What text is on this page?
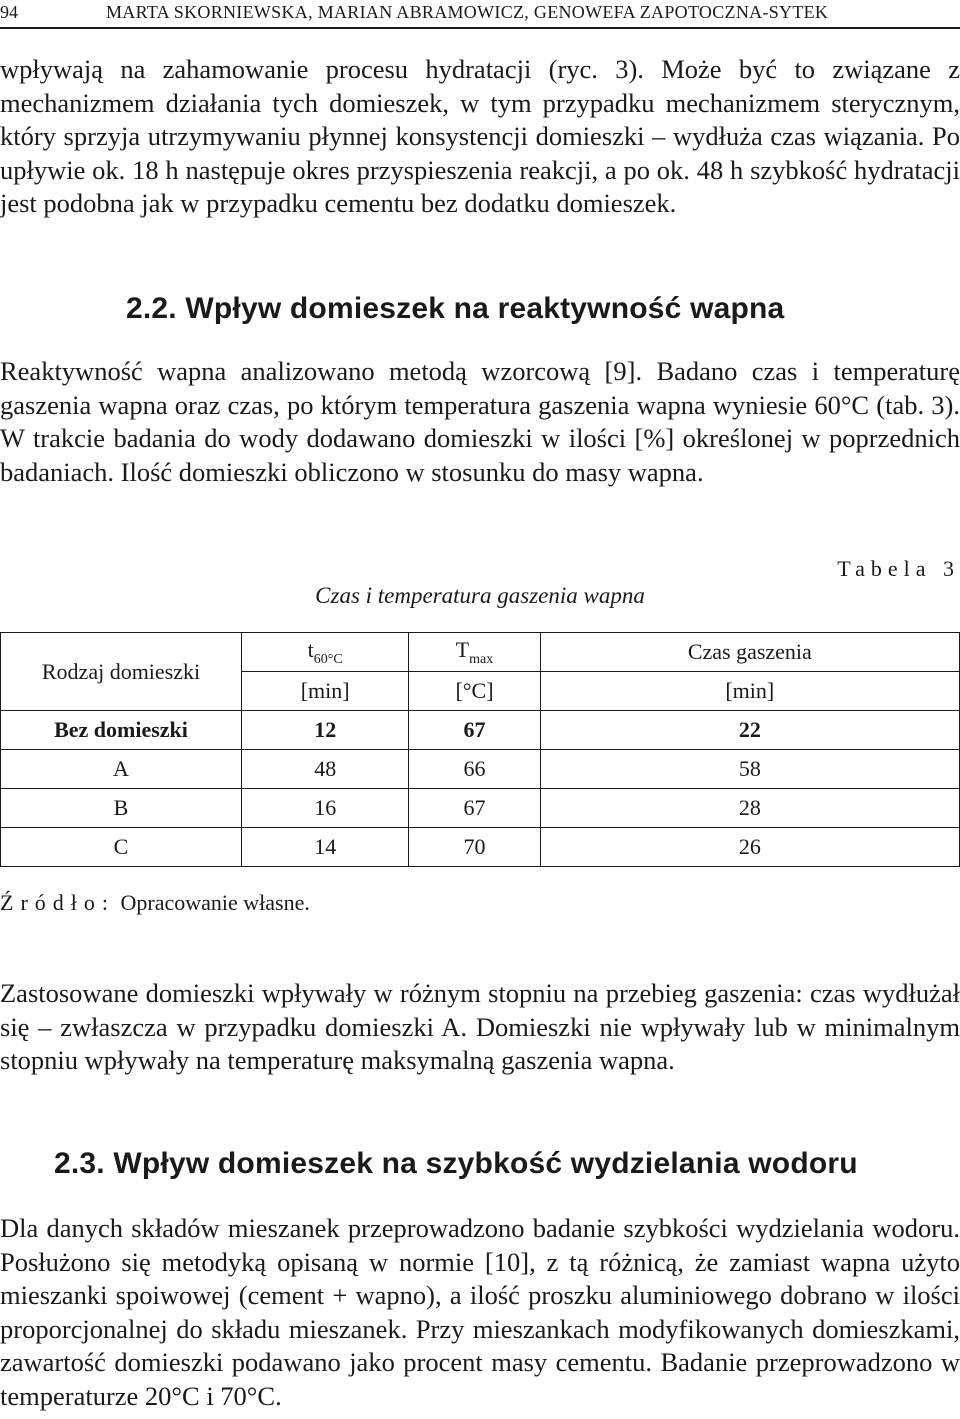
94	MARTA SKORNIEWSKA, MARIAN ABRAMOWICZ, GENOWEFA ZAPOTOCZNA-SYTEK

wpływają na zahamowanie procesu hydratacji (ryc. 3). Może być to związane z mechanizmem działania tych domieszek, w tym przypadku mechanizmem sterycznym, który sprzyja utrzymywaniu płynnej konsystencji domieszki – wydłuża czas wiązania. Po upływie ok. 18 h następuje okres przyspieszenia reakcji, a po ok. 48 h szybkość hydratacji jest podobna jak w przypadku cementu bez dodatku domieszek.

2.2. Wpływ domieszek na reaktywność wapna

Reaktywność wapna analizowano metodą wzorcową [9]. Badano czas i temperaturę gaszenia wapna oraz czas, po którym temperatura gaszenia wapna wyniesie 60°C (tab. 3). W trakcie badania do wody dodawano domieszki w ilości [%] określonej w poprzednich badaniach. Ilość domieszki obliczono w stosunku do masy wapna.

Tabela 3
Czas i temperatura gaszenia wapna
Rodzaj domieszki	$t_{60^\circ C}$	$T_{max}$	Czas gaszenia
	[min]	[°C]	[min]
Bez domieszki	12	67	22
A	48	66	58
B	16	67	28
C	14	70	26
Źródło: Opracowanie własne.

Zastosowane domieszki wpływały w różnym stopniu na przebieg gaszenia: czas wydłużał się – zwłaszcza w przypadku domieszki A. Domieszki nie wpływały lub w minimalnym stopniu wpływały na temperaturę maksymalną gaszenia wapna.

2.3. Wpływ domieszek na szybkość wydzielania wodoru

Dla danych składów mieszanek przeprowadzono badanie szybkości wydzielania wodoru. Posłużono się metodyką opisaną w normie [10], z tą różnicą, że zamiast wapna użyto mieszanki spoiwowej (cement + wapno), a ilość proszku aluminiowego dobrano w ilości proporcjonalnej do składu mieszanek. Przy mieszankach modyfikowanych domieszkami, zawartość domieszki podawano jako procent masy cementu. Badanie przeprowadzono w temperaturze 20°C i 70°C.
